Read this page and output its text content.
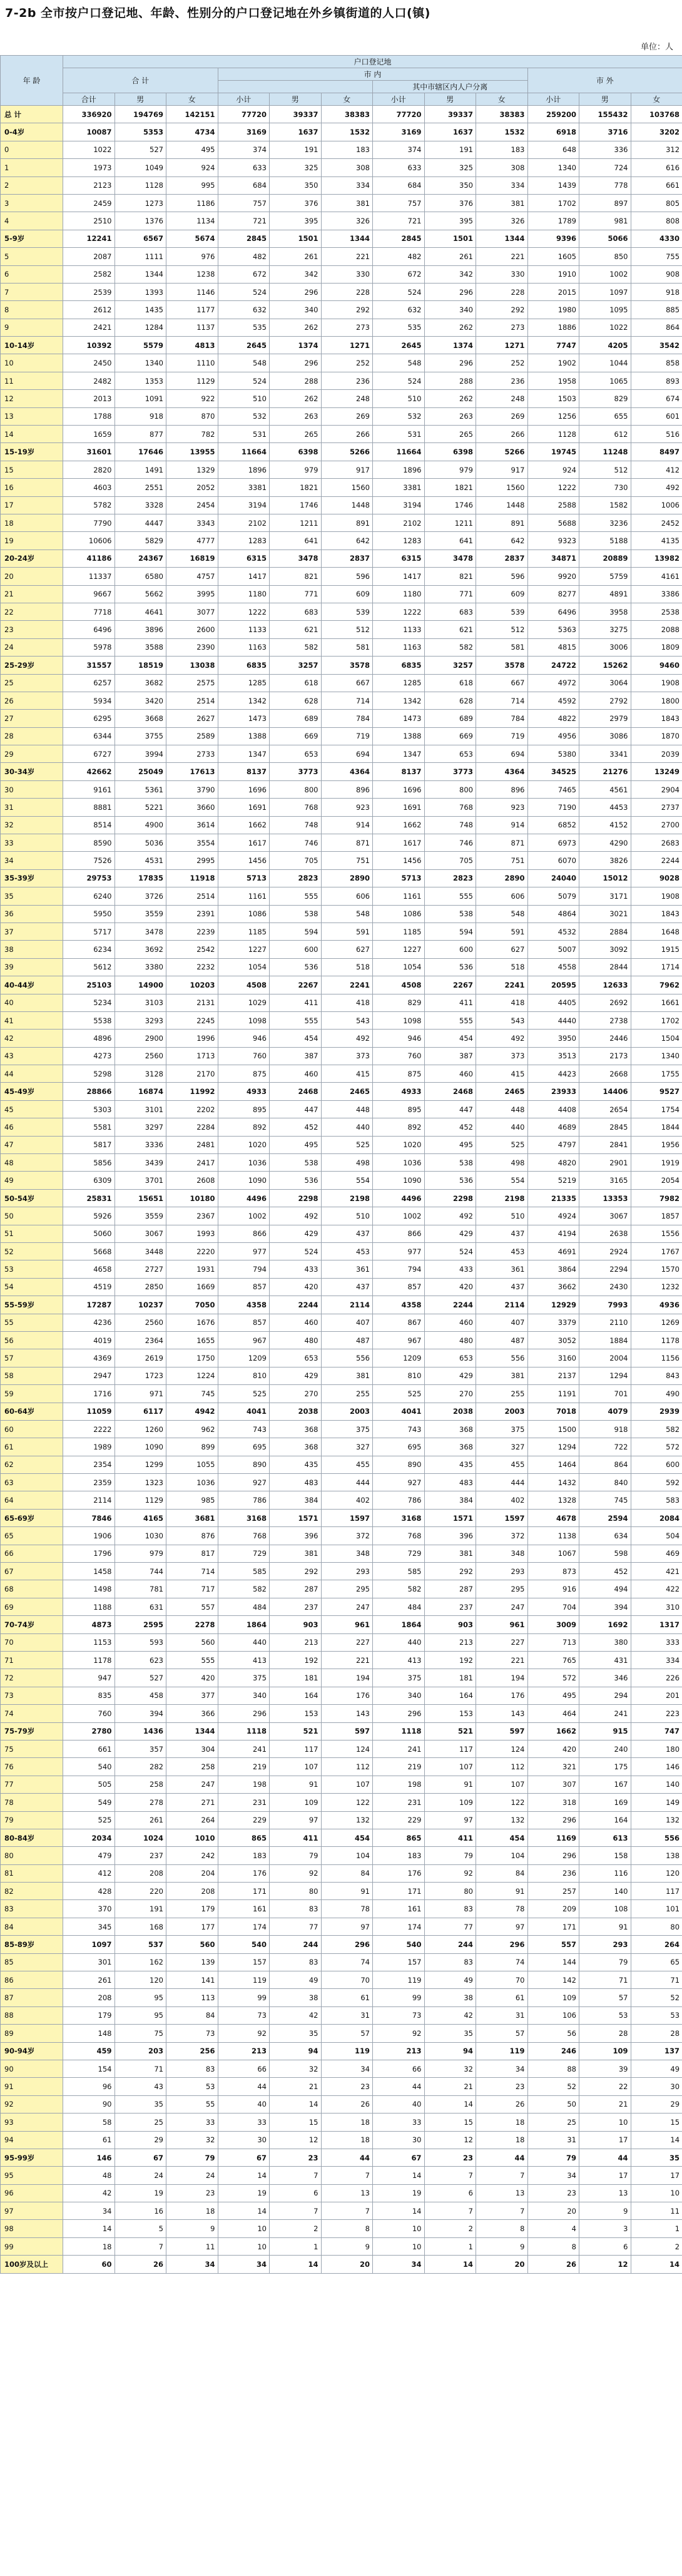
7-2b 全市按户口登记地、年龄、性别分的户口登记地在外乡镇街道的人口(镇)
单位：人
年 龄	户口登记地											
	合 计			市 内						市 外		
							其中市辖区内人户分离					
	合计	男	女	小计	男	女	小计	男	女	小计	男	女
总 计	336920	194769	142151	77720	39337	38383	77720	39337	38383	259200	155432	103768
0-4岁	10087	5353	4734	3169	1637	1532	3169	1637	1532	6918	3716	3202
0	1022	527	495	374	191	183	374	191	183	648	336	312
1	1973	1049	924	633	325	308	633	325	308	1340	724	616
2	2123	1128	995	684	350	334	684	350	334	1439	778	661
3	2459	1273	1186	757	376	381	757	376	381	1702	897	805
4	2510	1376	1134	721	395	326	721	395	326	1789	981	808
5-9岁	12241	6567	5674	2845	1501	1344	2845	1501	1344	9396	5066	4330
5	2087	1111	976	482	261	221	482	261	221	1605	850	755
6	2582	1344	1238	672	342	330	672	342	330	1910	1002	908
7	2539	1393	1146	524	296	228	524	296	228	2015	1097	918
8	2612	1435	1177	632	340	292	632	340	292	1980	1095	885
9	2421	1284	1137	535	262	273	535	262	273	1886	1022	864
10-14岁	10392	5579	4813	2645	1374	1271	2645	1374	1271	7747	4205	3542
10	2450	1340	1110	548	296	252	548	296	252	1902	1044	858
11	2482	1353	1129	524	288	236	524	288	236	1958	1065	893
12	2013	1091	922	510	262	248	510	262	248	1503	829	674
13	1788	918	870	532	263	269	532	263	269	1256	655	601
14	1659	877	782	531	265	266	531	265	266	1128	612	516
15-19岁	31601	17646	13955	11664	6398	5266	11664	6398	5266	19745	11248	8497
15	2820	1491	1329	1896	979	917	1896	979	917	924	512	412
16	4603	2551	2052	3381	1821	1560	3381	1821	1560	1222	730	492
17	5782	3328	2454	3194	1746	1448	3194	1746	1448	2588	1582	1006
18	7790	4447	3343	2102	1211	891	2102	1211	891	5688	3236	2452
19	10606	5829	4777	1283	641	642	1283	641	642	9323	5188	4135
20-24岁	41186	24367	16819	6315	3478	2837	6315	3478	2837	34871	20889	13982
20	11337	6580	4757	1417	821	596	1417	821	596	9920	5759	4161
21	9667	5662	3995	1180	771	609	1180	771	609	8277	4891	3386
22	7718	4641	3077	1222	683	539	1222	683	539	6496	3958	2538
23	6496	3896	2600	1133	621	512	1133	621	512	5363	3275	2088
24	5978	3588	2390	1163	582	581	1163	582	581	4815	3006	1809
25-29岁	31557	18519	13038	6835	3257	3578	6835	3257	3578	24722	15262	9460
25	6257	3682	2575	1285	618	667	1285	618	667	4972	3064	1908
26	5934	3420	2514	1342	628	714	1342	628	714	4592	2792	1800
27	6295	3668	2627	1473	689	784	1473	689	784	4822	2979	1843
28	6344	3755	2589	1388	669	719	1388	669	719	4956	3086	1870
29	6727	3994	2733	1347	653	694	1347	653	694	5380	3341	2039
30-34岁	42662	25049	17613	8137	3773	4364	8137	3773	4364	34525	21276	13249
30	9161	5361	3790	1696	800	896	1696	800	896	7465	4561	2904
31	8881	5221	3660	1691	768	923	1691	768	923	7190	4453	2737
32	8514	4900	3614	1662	748	914	1662	748	914	6852	4152	2700
33	8590	5036	3554	1617	746	871	1617	746	871	6973	4290	2683
34	7526	4531	2995	1456	705	751	1456	705	751	6070	3826	2244
35-39岁	29753	17835	11918	5713	2823	2890	5713	2823	2890	24040	15012	9028
35	6240	3726	2514	1161	555	606	1161	555	606	5079	3171	1908
36	5950	3559	2391	1086	538	548	1086	538	548	4864	3021	1843
37	5717	3478	2239	1185	594	591	1185	594	591	4532	2884	1648
38	6234	3692	2542	1227	600	627	1227	600	627	5007	3092	1915
39	5612	3380	2232	1054	536	518	1054	536	518	4558	2844	1714
40-44岁	25103	14900	10203	4508	2267	2241	4508	2267	2241	20595	12633	7962
40	5234	3103	2131	1029	411	418	829	411	418	4405	2692	1661
41	5538	3293	2245	1098	555	543	1098	555	543	4440	2738	1702
42	4896	2900	1996	946	454	492	946	454	492	3950	2446	1504
43	4273	2560	1713	760	387	373	760	387	373	3513	2173	1340
44	5298	3128	2170	875	460	415	875	460	415	4423	2668	1755
45-49岁	28866	16874	11992	4933	2468	2465	4933	2468	2465	23933	14406	9527
45	5303	3101	2202	895	447	448	895	447	448	4408	2654	1754
46	5581	3297	2284	892	452	440	892	452	440	4689	2845	1844
47	5817	3336	2481	1020	495	525	1020	495	525	4797	2841	1956
48	5856	3439	2417	1036	538	498	1036	538	498	4820	2901	1919
49	6309	3701	2608	1090	536	554	1090	536	554	5219	3165	2054
50-54岁	25831	15651	10180	4496	2298	2198	4496	2298	2198	21335	13353	7982
50	5926	3559	2367	1002	492	510	1002	492	510	4924	3067	1857
51	5060	3067	1993	866	429	437	866	429	437	4194	2638	1556
52	5668	3448	2220	977	524	453	977	524	453	4691	2924	1767
53	4658	2727	1931	794	433	361	794	433	361	3864	2294	1570
54	4519	2850	1669	857	420	437	857	420	437	3662	2430	1232
55-59岁	17287	10237	7050	4358	2244	2114	4358	2244	2114	12929	7993	4936
55	4236	2560	1676	857	460	407	867	460	407	3379	2110	1269
56	4019	2364	1655	967	480	487	967	480	487	3052	1884	1178
57	4369	2619	1750	1209	653	556	1209	653	556	3160	2004	1156
58	2947	1723	1224	810	429	381	810	429	381	2137	1294	843
59	1716	971	745	525	270	255	525	270	255	1191	701	490
60-64岁	11059	6117	4942	4041	2038	2003	4041	2038	2003	7018	4079	2939
60	2222	1260	962	743	368	375	743	368	375	1500	918	582
61	1989	1090	899	695	368	327	695	368	327	1294	722	572
62	2354	1299	1055	890	435	455	890	435	455	1464	864	600
63	2359	1323	1036	927	483	444	927	483	444	1432	840	592
64	2114	1129	985	786	384	402	786	384	402	1328	745	583
65-69岁	7846	4165	3681	3168	1571	1597	3168	1571	1597	4678	2594	2084
65	1906	1030	876	768	396	372	768	396	372	1138	634	504
66	1796	979	817	729	381	348	729	381	348	1067	598	469
67	1458	744	714	585	292	293	585	292	293	873	452	421
68	1498	781	717	582	287	295	582	287	295	916	494	422
69	1188	631	557	484	237	247	484	237	247	704	394	310
70-74岁	4873	2595	2278	1864	903	961	1864	903	961	3009	1692	1317
70	1153	593	560	440	213	227	440	213	227	713	380	333
71	1178	623	555	413	192	221	413	192	221	765	431	334
72	947	527	420	375	181	194	375	181	194	572	346	226
73	835	458	377	340	164	176	340	164	176	495	294	201
74	760	394	366	296	153	143	296	153	143	464	241	223
75-79岁	2780	1436	1344	1118	521	597	1118	521	597	1662	915	747
75	661	357	304	241	117	124	241	117	124	420	240	180
76	540	282	258	219	107	112	219	107	112	321	175	146
77	505	258	247	198	91	107	198	91	107	307	167	140
78	549	278	271	231	109	122	231	109	122	318	169	149
79	525	261	264	229	97	132	229	97	132	296	164	132
80-84岁	2034	1024	1010	865	411	454	865	411	454	1169	613	556
80	479	237	242	183	79	104	183	79	104	296	158	138
81	412	208	204	176	92	84	176	92	84	236	116	120
82	428	220	208	171	80	91	171	80	91	257	140	117
83	370	191	179	161	83	78	161	83	78	209	108	101
84	345	168	177	174	77	97	174	77	97	171	91	80
85-89岁	1097	537	560	540	244	296	540	244	296	557	293	264
85	301	162	139	157	83	74	157	83	74	144	79	65
86	261	120	141	119	49	70	119	49	70	142	71	71
87	208	95	113	99	38	61	99	38	61	109	57	52
88	179	95	84	73	42	31	73	42	31	106	53	53
89	148	75	73	92	35	57	92	35	57	56	28	28
90-94岁	459	203	256	213	94	119	213	94	119	246	109	137
90	154	71	83	66	32	34	66	32	34	88	39	49
91	96	43	53	44	21	23	44	21	23	52	22	30
92	90	35	55	40	14	26	40	14	26	50	21	29
93	58	25	33	33	15	18	33	15	18	25	10	15
94	61	29	32	30	12	18	30	12	18	31	17	14
95-99岁	146	67	79	67	23	44	67	23	44	79	44	35
95	48	24	24	14	7	7	14	7	7	34	17	17
96	42	19	23	19	6	13	19	6	13	23	13	10
97	34	16	18	14	7	7	14	7	7	20	9	11
98	14	5	9	10	2	8	10	2	8	4	3	1
99	18	7	11	10	1	9	10	1	9	8	6	2
100岁及以上	60	26	34	34	14	20	34	14	20	26	12	14
